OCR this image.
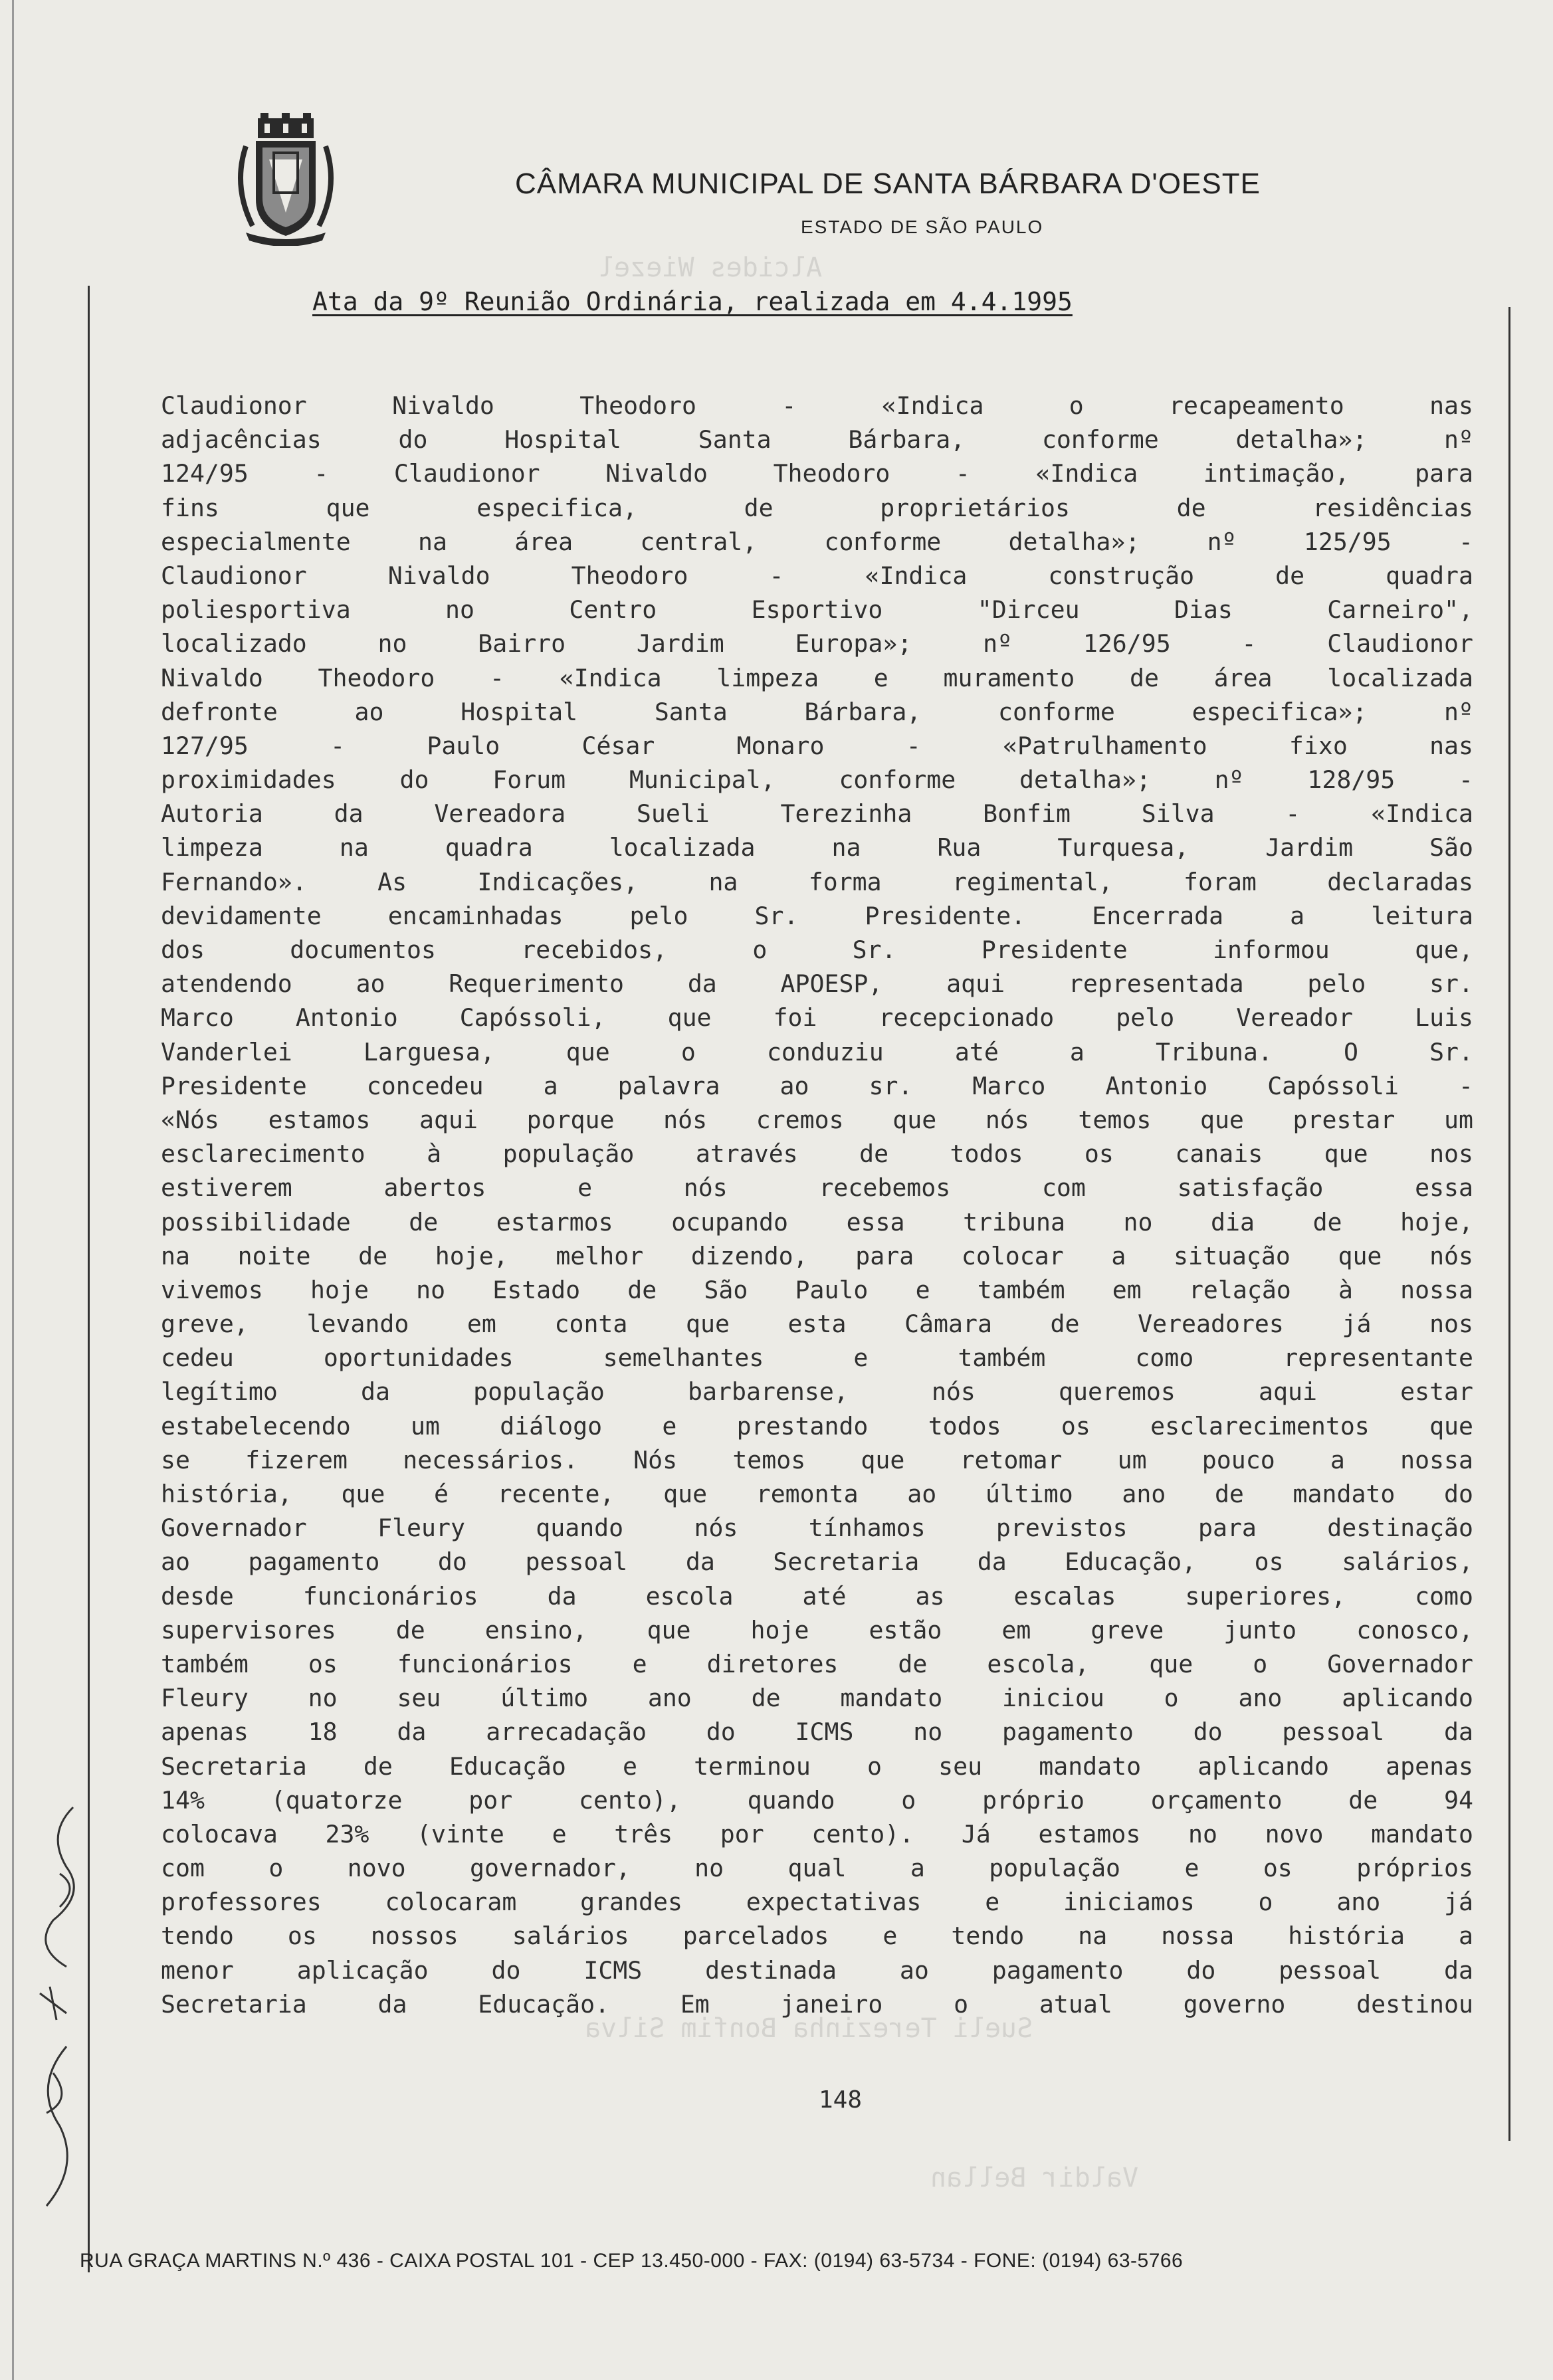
Alcides Wiezel
Sueli Terezinha Bonfim Silva
Valdir Bellan
CÂMARA MUNICIPAL DE SANTA BÁRBARA D'OESTE
ESTADO DE SÃO PAULO
Ata da 9º Reunião Ordinária, realizada em 4.4.1995
Claudionor Nivaldo Theodoro - «Indica o recapeamento nas
adjacências do Hospital Santa Bárbara, conforme detalha»; nº
124/95 - Claudionor Nivaldo Theodoro - «Indica intimação, para
fins que especifica, de proprietários de residências
especialmente na área central, conforme detalha»; nº 125/95 -
Claudionor Nivaldo Theodoro - «Indica construção de quadra
poliesportiva no Centro Esportivo "Dirceu Dias Carneiro",
localizado no Bairro Jardim Europa»; nº 126/95 - Claudionor
Nivaldo Theodoro - «Indica limpeza e muramento de área localizada
defronte ao Hospital Santa Bárbara, conforme especifica»; nº
127/95 - Paulo César Monaro - «Patrulhamento fixo nas
proximidades do Forum Municipal, conforme detalha»; nº 128/95 -
Autoria da Vereadora Sueli Terezinha Bonfim Silva - «Indica
limpeza na quadra localizada na Rua Turquesa, Jardim São
Fernando». As Indicações, na forma regimental, foram declaradas
devidamente encaminhadas pelo Sr. Presidente. Encerrada a leitura
dos documentos recebidos, o Sr. Presidente informou que,
atendendo ao Requerimento da APOESP, aqui representada pelo sr.
Marco Antonio Capóssoli, que foi recepcionado pelo Vereador Luis
Vanderlei Larguesa, que o conduziu até a Tribuna. O Sr.
Presidente concedeu a palavra ao sr. Marco Antonio Capóssoli -
«Nós estamos aqui porque nós cremos que nós temos que prestar um
esclarecimento à população através de todos os canais que nos
estiverem abertos e nós recebemos com satisfação essa
possibilidade de estarmos ocupando essa tribuna no dia de hoje,
na noite de hoje, melhor dizendo, para colocar a situação que nós
vivemos hoje no Estado de São Paulo e também em relação à nossa
greve, levando em conta que esta Câmara de Vereadores já nos
cedeu oportunidades semelhantes e também como representante
legítimo da população barbarense, nós queremos aqui estar
estabelecendo um diálogo e prestando todos os esclarecimentos que
se fizerem necessários. Nós temos que retomar um pouco a nossa
história, que é recente, que remonta ao último ano de mandato do
Governador Fleury quando nós tínhamos previstos para destinação
ao pagamento do pessoal da Secretaria da Educação, os salários,
desde funcionários da escola até as escalas superiores, como
supervisores de ensino, que hoje estão em greve junto conosco,
também os funcionários e diretores de escola, que o Governador
Fleury no seu último ano de mandato iniciou o ano aplicando
apenas 18 da arrecadação do ICMS no pagamento do pessoal da
Secretaria de Educação e terminou o seu mandato aplicando apenas
14% (quatorze por cento), quando o próprio orçamento de 94
colocava 23% (vinte e três por cento). Já estamos no novo mandato
com o novo governador, no qual a população e os próprios
professores colocaram grandes expectativas e iniciamos o ano já
tendo os nossos salários parcelados e tendo na nossa história a
menor aplicação do ICMS destinada ao pagamento do pessoal da
Secretaria da Educação. Em janeiro o atual governo destinou
148
RUA GRAÇA MARTINS N.º 436 - CAIXA POSTAL 101 - CEP 13.450-000 - FAX: (0194) 63-5734 - FONE: (0194) 63-5766
